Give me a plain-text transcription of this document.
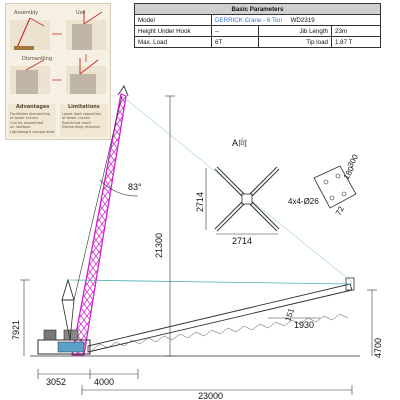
Assembly	Use
Dismantling
Advantages	Limitations
Facilitates dismantling
of tower cranes
Can be assembled
on rooftops
Lightweight components
Lower load capacities
of tower cranes
Restricted reach
Dismantling required
Basic Parameters			
Model	DERRICK Crane - 6 Ton WD2319		
Height Under Hook	--	Jib Length	23m
Max. Load	6T	Tip load	1.87 T
83°
21300
7921
4700
1930
151
3052	4000
23000
A向
2714
2714
4x4-Ø26
300
180
72
